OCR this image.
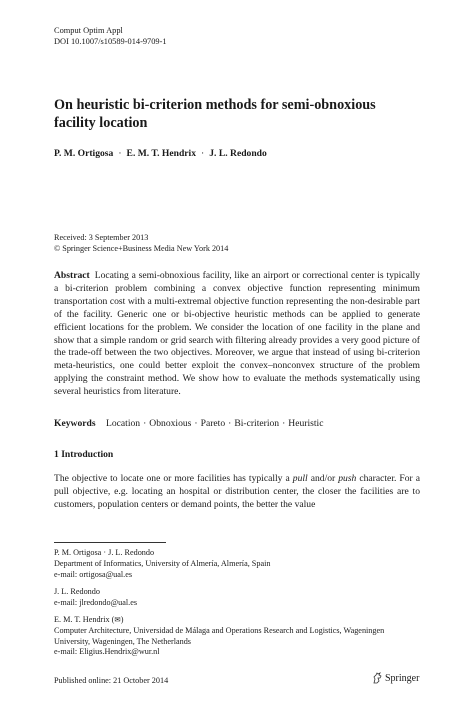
Comput Optim Appl
DOI 10.1007/s10589-014-9709-1
On heuristic bi-criterion methods for semi-obnoxious
facility location
P. M. Ortigosa · E. M. T. Hendrix · J. L. Redondo
Received: 3 September 2013
© Springer Science+Business Media New York 2014
Abstract Locating a semi-obnoxious facility, like an airport or correctional center is typically a bi-criterion problem combining a convex objective function representing minimum transportation cost with a multi-extremal objective function representing the non-desirable part of the facility. Generic one or bi-objective heuristic methods can be applied to generate efficient locations for the problem. We consider the location of one facility in the plane and show that a simple random or grid search with filtering already provides a very good picture of the trade-off between the two objectives. Moreover, we argue that instead of using bi-criterion meta-heuristics, one could better exploit the convex–nonconvex structure of the problem applying the constraint method. We show how to evaluate the methods systematically using several heuristics from literature.
Keywords Location · Obnoxious · Pareto · Bi-criterion · Heuristic
1 Introduction
The objective to locate one or more facilities has typically a pull and/or push character. For a pull objective, e.g. locating an hospital or distribution center, the closer the facilities are to customers, population centers or demand points, the better the value
P. M. Ortigosa · J. L. Redondo
Department of Informatics, University of Almería, Almería, Spain
e-mail: ortigosa@ual.es
J. L. Redondo
e-mail: jlredondo@ual.es
E. M. T. Hendrix (✉)
Computer Architecture, Universidad de Málaga and Operations Research and Logistics, Wageningen
University, Wageningen, The Netherlands
e-mail: Eligius.Hendrix@wur.nl
Published online: 21 October 2014	Springer
